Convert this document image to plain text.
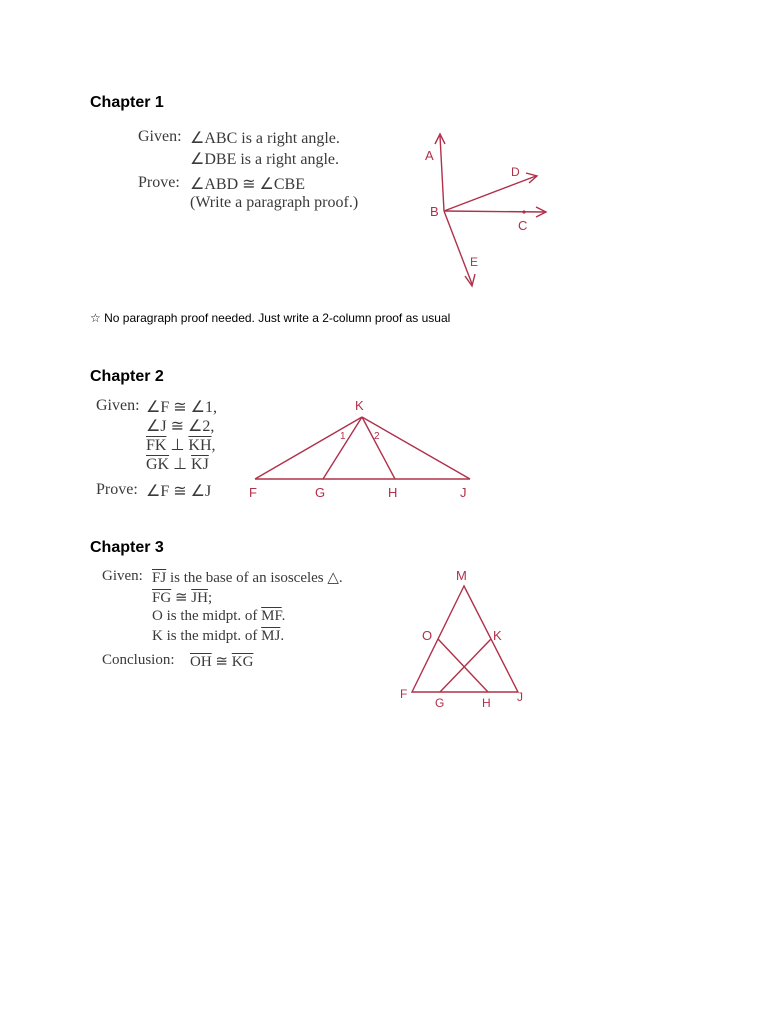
Chapter 1
Given: ∠ABC is a right angle.
∠DBE is a right angle.
Prove: ∠ABD ≅ ∠CBE
(Write a paragraph proof.)
A
B
C
D
E
☆ No paragraph proof needed. Just write a 2-column proof as usual
Chapter 2
Given: ∠F ≅ ∠1,
∠J ≅ ∠2,
$\overline{FK}$ ⊥ $\overline{KH}$,
$\overline{GK}$ ⊥ $\overline{KJ}$
Prove: ∠F ≅ ∠J
K
1	2
F	G	H	J
Chapter 3
Given: $\overline{FJ}$ is the base of an isosceles △.
$\overline{FG}$ ≅ $\overline{JH}$;
O is the midpt. of $\overline{MF}$.
K is the midpt. of $\overline{MJ}$.
Conclusion: $\overline{OH}$ ≅ $\overline{KG}$
M
O	K
F
G	H J
